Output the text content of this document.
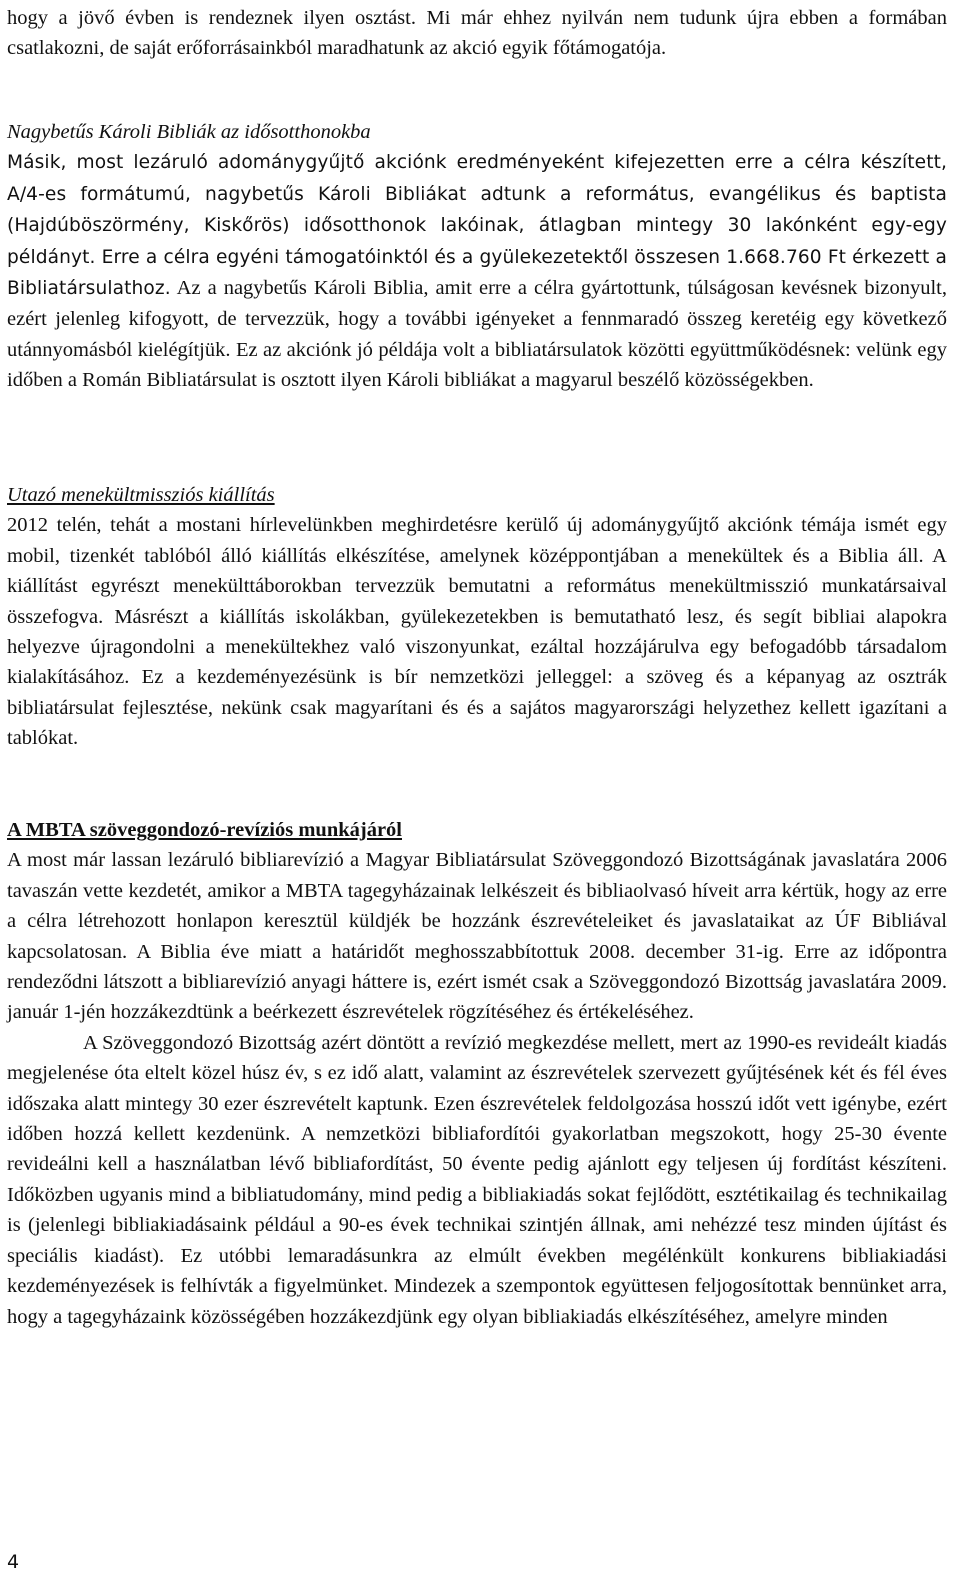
hogy a jövő évben is rendeznek ilyen osztást. Mi már ehhez nyilván nem tudunk újra ebben a formában csatlakozni, de saját erőforrásainkból maradhatunk az akció egyik főtámogatója.

Nagybetűs Károli Bibliák az idősotthonokba

Másik, most lezáruló adománygyűjtő akciónk eredményeként kifejezetten erre a célra készített, A/4-es formátumú, nagybetűs Károli Bibliákat adtunk a református, evangélikus és baptista (Hajdúböszörmény, Kiskőrös) idősotthonok lakóinak, átlagban mintegy 30 lakónként egy-egy példányt. Erre a célra egyéni támogatóinktól és a gyülekezetektől összesen 1.668.760 Ft érkezett a Bibliatársulathoz. Az a nagybetűs Károli Biblia, amit erre a célra gyártottunk, túlságosan kevésnek bizonyult, ezért jelenleg kifogyott, de tervezzük, hogy a további igényeket a fennmaradó összeg keretéig egy következő utánnyomásból kielégítjük. Ez az akciónk jó példája volt a bibliatársulatok közötti együttműködésnek: velünk egy időben a Román Bibliatársulat is osztott ilyen Károli bibliákat a magyarul beszélő közösségekben.

Utazó menekültmissziós kiállítás

2012 telén, tehát a mostani hírlevelünkben meghirdetésre kerülő új adománygyűjtő akciónk témája ismét egy mobil, tizenkét tablóból álló kiállítás elkészítése, amelynek középpontjában a menekültek és a Biblia áll. A kiállítást egyrészt menekülttáborokban tervezzük bemutatni a református menekültmisszió munkatársaival összefogva. Másrészt a kiállítás iskolákban, gyülekezetekben is bemutatható lesz, és segít bibliai alapokra helyezve újragondolni a menekültekhez való viszonyunkat, ezáltal hozzájárulva egy befogadóbb társadalom kialakításához. Ez a kezdeményezésünk is bír nemzetközi jelleggel: a szöveg és a képanyag az osztrák bibliatársulat fejlesztése, nekünk csak magyarítani és és a sajátos magyarországi helyzethez kellett igazítani a tablókat.

A MBTA szöveggondozó-revíziós munkájáról

A most már lassan lezáruló bibliarevízió a Magyar Bibliatársulat Szöveggondozó Bizottságának javaslatára 2006 tavaszán vette kezdetét, amikor a MBTA tagegyházainak lelkészeit és bibliaolvasó híveit arra kértük, hogy az erre a célra létrehozott honlapon keresztül küldjék be hozzánk észrevételeiket és javaslataikat az ÚF Bibliával kapcsolatosan. A Biblia éve miatt a határidőt meghosszabbítottuk 2008. december 31-ig. Erre az időpontra rendeződni látszott a bibliarevízió anyagi háttere is, ezért ismét csak a Szöveggondozó Bizottság javaslatára 2009. január 1-jén hozzákezdtünk a beérkezett észrevételek rögzítéséhez és értékeléséhez.

A Szöveggondozó Bizottság azért döntött a revízió megkezdése mellett, mert az 1990-es revideált kiadás megjelenése óta eltelt közel húsz év, s ez idő alatt, valamint az észrevételek szervezett gyűjtésének két és fél éves időszaka alatt mintegy 30 ezer észrevételt kaptunk. Ezen észrevételek feldolgozása hosszú időt vett igénybe, ezért időben hozzá kellett kezdenünk. A nemzetközi bibliafordítói gyakorlatban megszokott, hogy 25-30 évente revideálni kell a használatban lévő bibliafordítást, 50 évente pedig ajánlott egy teljesen új fordítást készíteni. Időközben ugyanis mind a bibliatudomány, mind pedig a bibliakiadás sokat fejlődött, esztétikailag és technikailag is (jelenlegi bibliakiadásaink például a 90-es évek technikai szintjén állnak, ami nehézzé tesz minden újítást és speciális kiadást). Ez utóbbi lemaradásunkra az elmúlt években megélénkült konkurens bibliakiadási kezdeményezések is felhívták a figyelmünket. Mindezek a szempontok együttesen feljogosítottak bennünket arra, hogy a tagegyházaink közösségében hozzákezdjünk egy olyan bibliakiadás elkészítéséhez, amelyre minden

4
